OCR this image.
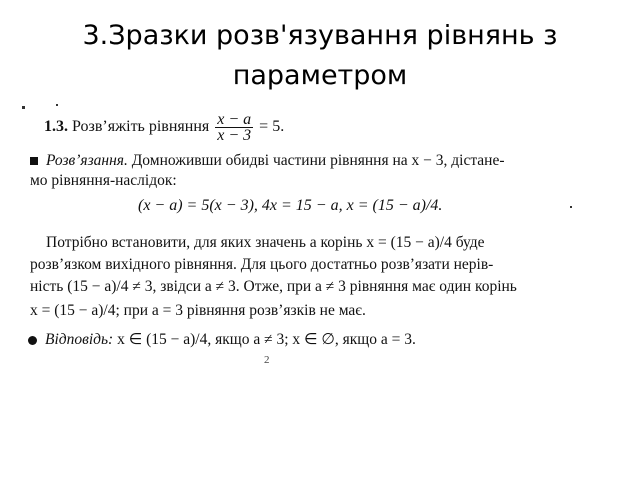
3.Зразки розв'язування рівнянь з
параметром
1.3. Розв’яжіть рівняння $\frac{x - a}{x - 3} = 5$.
Розв’язання. Домноживши обидві частини рівняння на x − 3, дістане-
мо рівняння-наслідок:
(x − a) = 5(x − 3), 4x = 15 − a, x = (15 − a)/4.
Потрібно встановити, для яких значень a корінь x = (15 − a)/4 буде
розв’язком вихідного рівняння. Для цього достатньо розв’язати нерів-
ність (15 − a)/4 ≠ 3, звідси a ≠ 3. Отже, при a ≠ 3 рівняння має один корінь
x = (15 − a)/4; при a = 3 рівняння розв’язків не має.
Відповідь: x ∈ (15 − a)/4, якщо a ≠ 3; x ∈ ∅, якщо a = 3.
2
